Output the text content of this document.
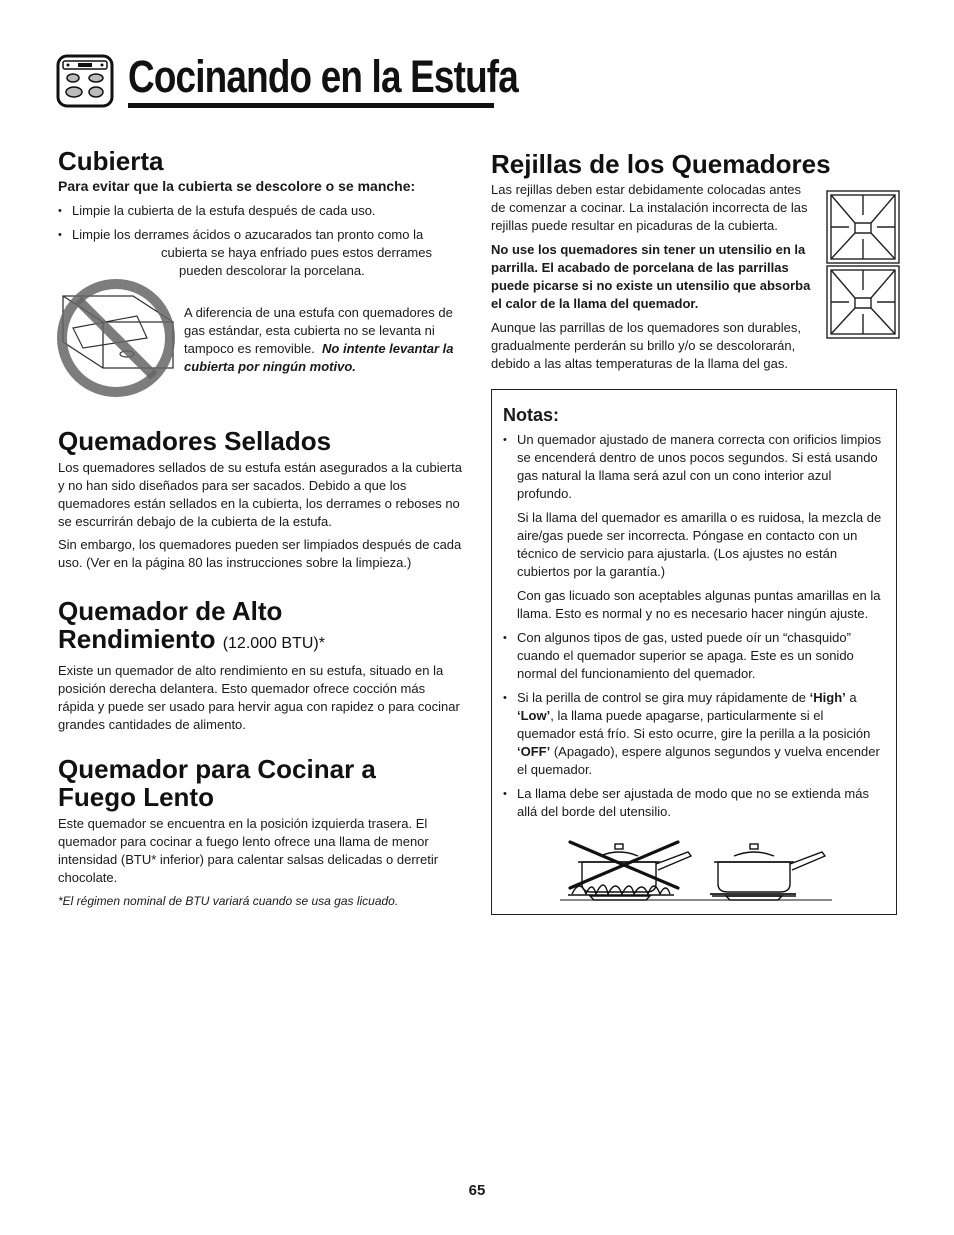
Cocinando en la Estufa
Cubierta

Para evitar que la cubierta se descolore o se manche:

• Limpie la cubierta de la estufa después de cada uso.
• Limpie los derrames ácidos o azucarados tan pronto como la
cubierta se haya enfriado pues estos derrames
pueden descolorar la porcelana.

A diferencia de una estufa con quemadores de gas estándar, esta cubierta no se levanta ni tampoco es removible. No intente levantar la cubierta por ningún motivo.

Quemadores Sellados

Los quemadores sellados de su estufa están asegurados a la cubierta y no han sido diseñados para ser sacados. Debido a que los quemadores están sellados en la cubierta, los derrames o reboses no se escurrirán debajo de la cubierta de la estufa.

Sin embargo, los quemadores pueden ser limpiados después de cada uso. (Ver en la página 80 las instrucciones sobre la limpieza.)

Quemador de Alto
Rendimiento (12.000 BTU)*

Existe un quemador de alto rendimiento en su estufa, situado en la posición derecha delantera. Esto quemador ofrece cocción más rápida y puede ser usado para hervir agua con rapidez o para cocinar grandes cantidades de alimento.

Quemador para Cocinar a
Fuego Lento

Este quemador se encuentra en la posición izquierda trasera. El quemador para cocinar a fuego lento ofrece una llama de menor intensidad (BTU* inferior) para calentar salsas delicadas o derretir chocolate.

*El régimen nominal de BTU variará cuando se usa gas licuado.

Rejillas de los Quemadores

Las rejillas deben estar debidamente colocadas antes de comenzar a cocinar. La instalación incorrecta de las rejillas puede resultar en picaduras de la cubierta.

No use los quemadores sin tener un utensilio en la parrilla. El acabado de porcelana de las parrillas puede picarse si no existe un utensilio que absorba el calor de la llama del quemador.

Aunque las parrillas de los quemadores son durables, gradualmente perderán su brillo y/o se descolorarán, debido a las altas temperaturas de la llama del gas.

Notas:
• Un quemador ajustado de manera correcta con orificios limpios se encenderá dentro de unos pocos segundos. Si está usando gas natural la llama será azul con un cono interior azul profundo.

Si la llama del quemador es amarilla o es ruidosa, la mezcla de aire/gas puede ser incorrecta. Póngase en contacto con un técnico de servicio para ajustarla. (Los ajustes no están cubiertos por la garantía.)

Con gas licuado son aceptables algunas puntas amarillas en la llama. Esto es normal y no es necesario hacer ningún ajuste.

• Con algunos tipos de gas, usted puede oír un “chasquido” cuando el quemador superior se apaga. Este es un sonido normal del funcionamiento del quemador.
• Si la perilla de control se gira muy rápidamente de ‘High’ a ‘Low’, la llama puede apagarse, particularmente si el quemador está frío. Si esto ocurre, gire la perilla a la posición ‘OFF’ (Apagado), espere algunos segundos y vuelva encender el quemador.
• La llama debe ser ajustada de modo que no se extienda más allá del borde del utensilio.
65
